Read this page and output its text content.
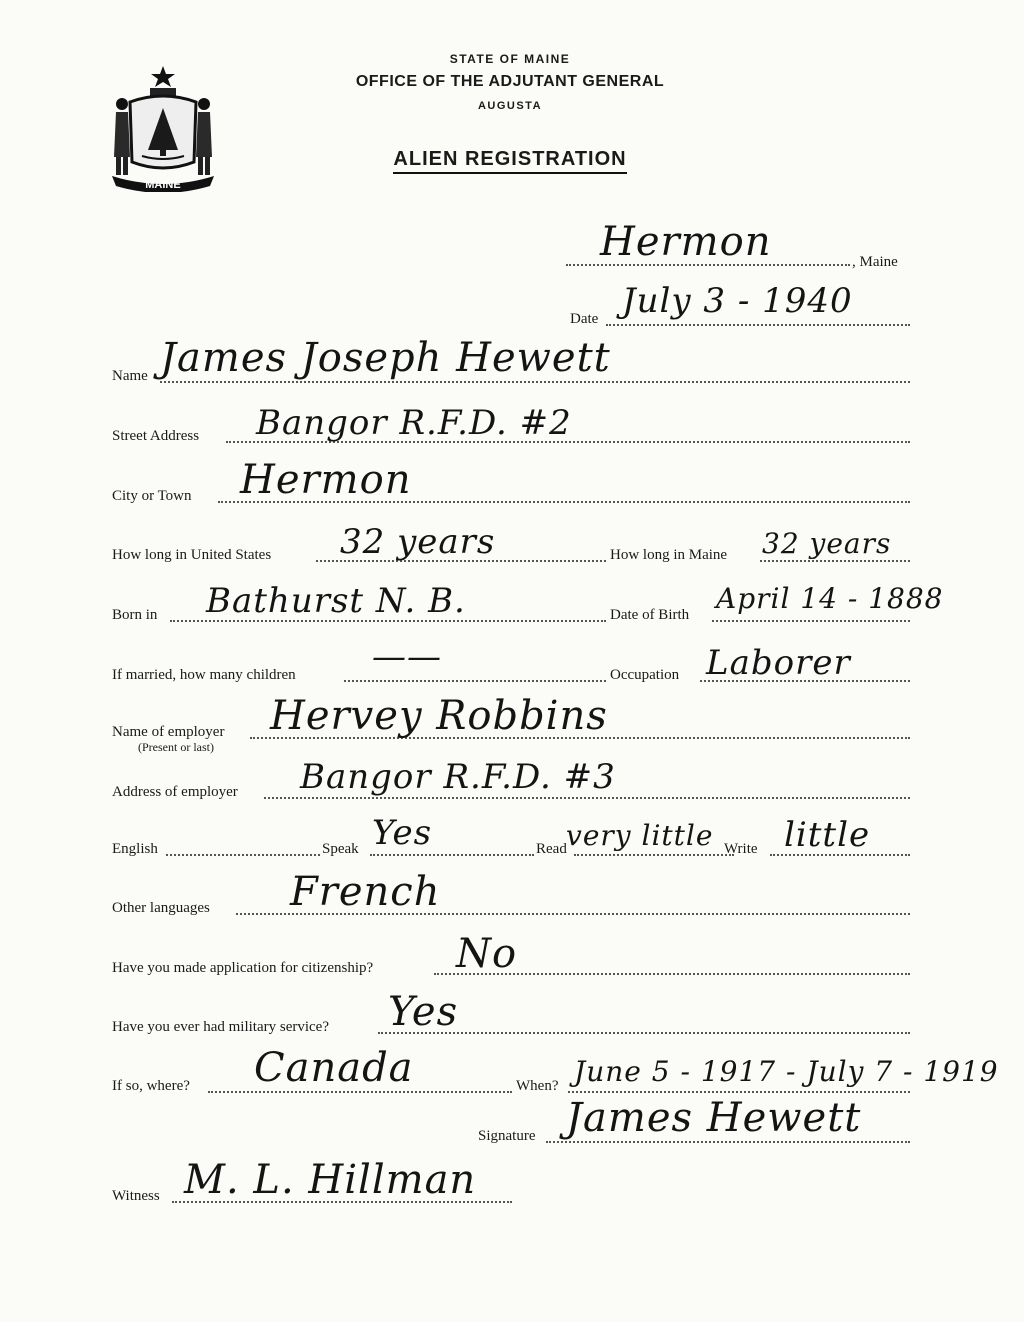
MAINE
STATE OF MAINE
OFFICE OF THE ADJUTANT GENERAL
AUGUSTA
ALIEN REGISTRATION
Hermon	, Maine
Date July 3 - 1940
Name James Joseph Hewett
Street Address Bangor R.F.D. #2
City or Town Hermon
How long in United States 32 years	How long in Maine 32 years
Born in Bathurst N. B.	Date of Birth April 14 - 1888
If married, how many children ——	Occupation Laborer
Name of employer
(Present or last)
Hervey Robbins
Address of employer Bangor R.F.D. #3
English	Speak Yes	Read very little Write little
Other languages French
Have you made application for citizenship? No
Have you ever had military service? Yes
If so, where? Canada	When? June 5 - 1917 - July 7 - 1919
Signature James Hewett
Witness M. L. Hillman
